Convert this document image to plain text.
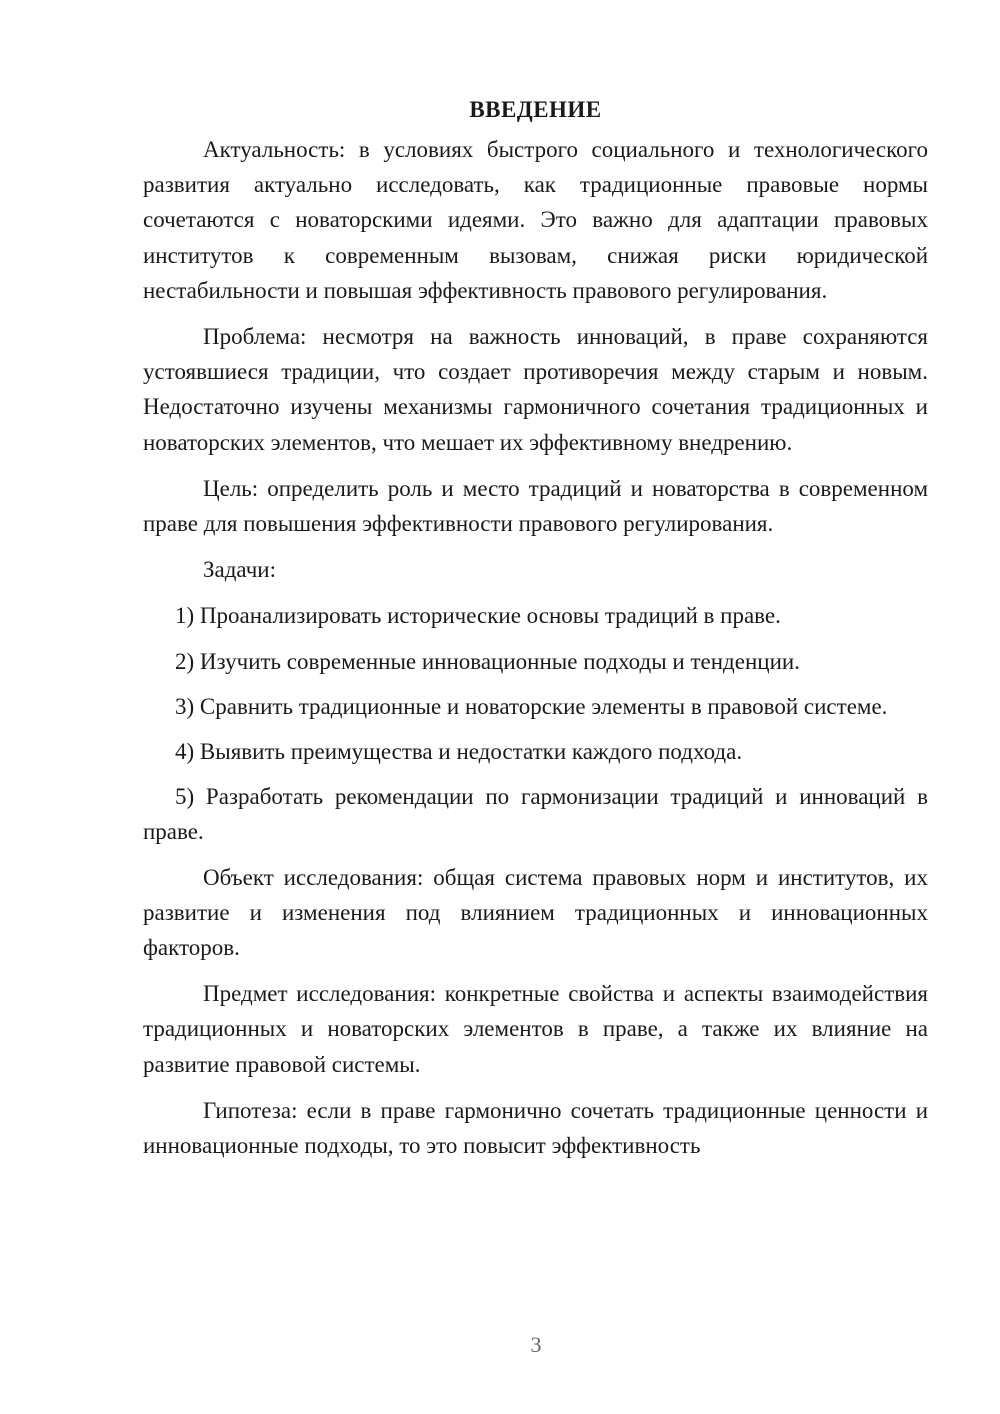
ВВЕДЕНИЕ

Актуальность: в условиях быстрого социального и технологического развития актуально исследовать, как традиционные правовые нормы сочетаются с новаторскими идеями. Это важно для адаптации правовых институтов к современным вызовам, снижая риски юридической нестабильности и повышая эффективность правового регулирования.

Проблема: несмотря на важность инноваций, в праве сохраняются устоявшиеся традиции, что создает противоречия между старым и новым. Недостаточно изучены механизмы гармоничного сочетания традиционных и новаторских элементов, что мешает их эффективному внедрению.

Цель: определить роль и место традиций и новаторства в современном праве для повышения эффективности правового регулирования.

Задачи:

1) Проанализировать исторические основы традиций в праве.

2) Изучить современные инновационные подходы и тенденции.

3) Сравнить традиционные и новаторские элементы в правовой системе.

4) Выявить преимущества и недостатки каждого подхода.

5) Разработать рекомендации по гармонизации традиций и инноваций в праве.

Объект исследования: общая система правовых норм и институтов, их развитие и изменения под влиянием традиционных и инновационных факторов.

Предмет исследования: конкретные свойства и аспекты взаимодействия традиционных и новаторских элементов в праве, а также их влияние на развитие правовой системы.

Гипотеза: если в праве гармонично сочетать традиционные ценности и инновационные подходы, то это повысит эффективность

3
